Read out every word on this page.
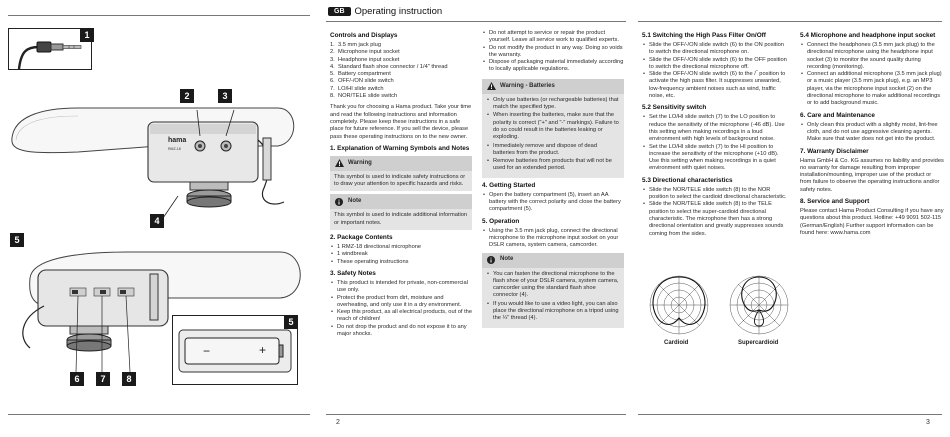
1
hama
RMZ-18
2	3
4
5
6	7	8
−	+
5
GB	Operating instruction
2
Controls and Displays
1. 3.5 mm jack plug
2. Microphone input socket
3. Headphone input socket
4. Standard flash shoe connector / 1/4" thread
5. Battery compartment
6. OFF/-/ON slide switch
7. LO/HI slide switch
8. NOR/TELE slide switch

Thank you for choosing a Hama product. Take your time and read the following instructions and information completely. Please keep these instructions in a safe place for future reference. If you sell the device, please pass these operating instructions on to the new owner.

1. Explanation of Warning Symbols and Notes
Warning
This symbol is used to indicate safety instructions or to draw your attention to specific hazards and risks.
Note
This symbol is used to indicate additional information or important notes.
2. Package Contents
• 1 RMZ-18 directional microphone
• 1 windbreak
• These operating instructions
3. Safety Notes
• This product is intended for private, non-commercial use only.
• Protect the product from dirt, moisture and overheating, and only use it in a dry environment.
• Keep this product, as all electrical products, out of the reach of children!
• Do not drop the product and do not expose it to any major shocks.
• Do not attempt to service or repair the product yourself. Leave all service work to qualified experts.
• Do not modify the product in any way. Doing so voids the warranty.
• Dispose of packaging material immediately according to locally applicable regulations.
Warning - Batteries
• Only use batteries (or rechargeable batteries) that match the specified type.
• When inserting the batteries, make sure that the polarity is correct ("+" and "-" markings). Failure to do so could result in the batteries leaking or exploding.
• Immediately remove and dispose of dead batteries from the product.
• Remove batteries from products that will not be used for an extended period.
4. Getting Started
• Open the battery compartment (5), insert an AA battery with the correct polarity and close the battery compartment (5).
5. Operation
• Using the 3.5 mm jack plug, connect the directional microphone to the microphone input socket on your DSLR camera, system camera, camcorder.
Note
• You can fasten the directional microphone to the flash shoe of your DSLR camera, system camera, camcorder using the standard flash shoe connector (4).
• If you would like to use a video light, you can also place the directional microphone on a tripod using the ¼" thread (4).
3
5.1 Switching the High Pass Filter On/Off
• Slide the OFF/-/ON slide switch (6) to the ON position to switch the directional microphone on.
• Slide the OFF/-/ON slide switch (6) to the OFF position to switch the directional microphone off.
• Slide the OFF/-/ON slide switch (6) to the /‾ position to activate the high pass filter. It suppresses unwanted, low-frequency ambient noises such as wind, traffic noise, etc.
5.2 Sensitivity switch
• Set the LO/HI slide switch (7) to the LO position to reduce the sensitivity of the microphone (-46 dB). Use this setting when making recordings in a loud environment with high levels of background noise.
• Set the LO/HI slide switch (7) to the HI position to increase the sensitivity of the microphone (+10 dB). Use this setting when making recordings in a quiet environment with quiet noises.
5.3 Directional characteristics
• Slide the NOR/TELE slide switch (8) to the NOR position to select the cardioid directional characteristic.
• Slide the NOR/TELE slide switch (8) to the TELE position to select the super-cardioid directional characteristic. The microphone then has a strong directional orientation and greatly suppresses sounds coming from the sides.
Cardioid	Supercardioid
5.4 Microphone and headphone input socket
• Connect the headphones (3.5 mm jack plug) to the directional microphone using the headphone input socket (3) to monitor the sound quality during recording (monitoring).
• Connect an additional microphone (3.5 mm jack plug) or a music player (3.5 mm jack plug), e.g. an MP3 player, via the microphone input socket (2) on the directional microphone to make additional recordings or to add background music.
6. Care and Maintenance
• Only clean this product with a slightly moist, lint-free cloth, and do not use aggressive cleaning agents. Make sure that water does not get into the product.
7. Warranty Disclaimer

Hama GmbH & Co. KG assumes no liability and provides no warranty for damage resulting from improper installation/mounting, improper use of the product or from failure to observe the operating instructions and/or safety notes.

8. Service and Support

Please contact Hama Product Consulting if you have any questions about this product. Hotline: +49 9091 502-115 (German/English) Further support information can be found here: www.hama.com
